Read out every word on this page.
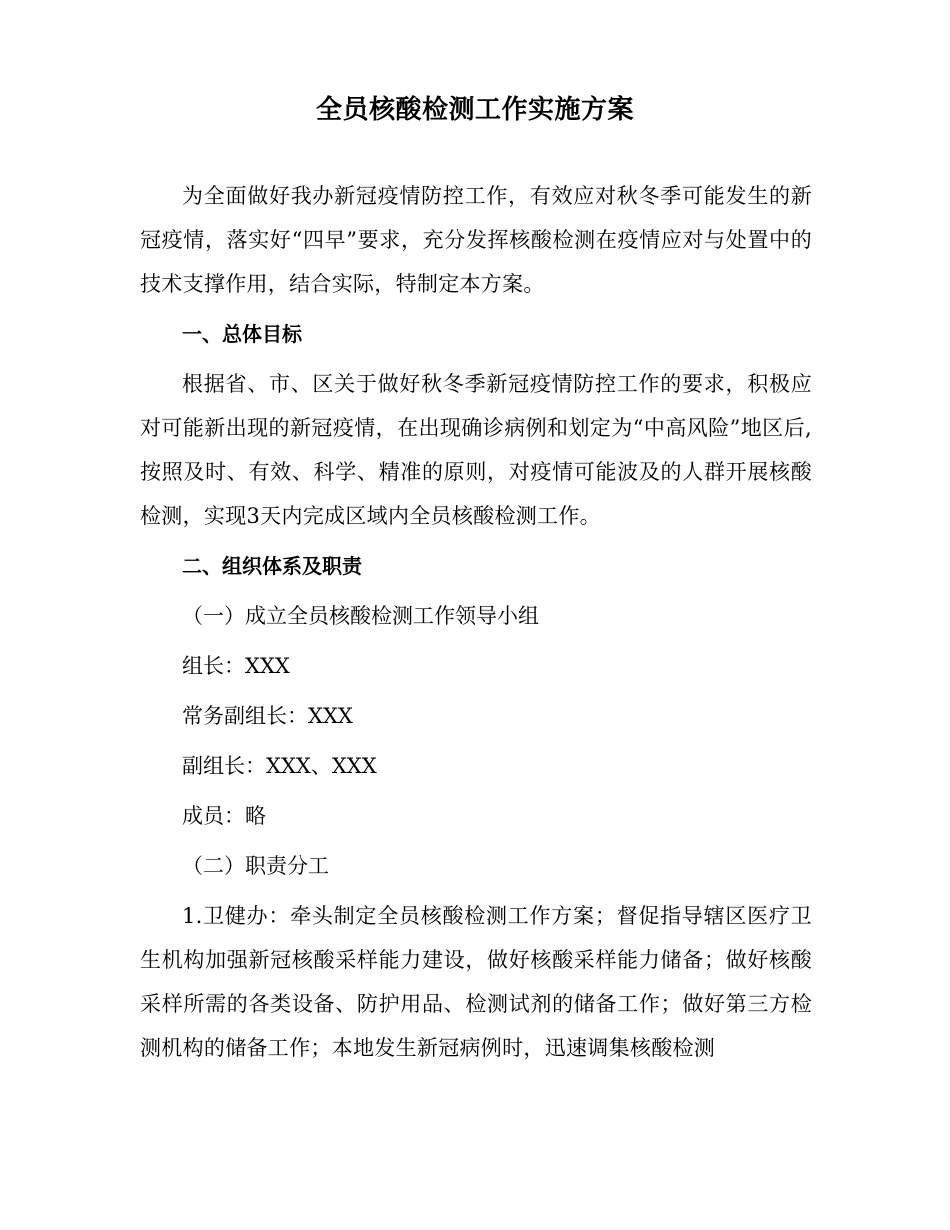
全员核酸检测工作实施方案

为全面做好我办新冠疫情防控工作，有效应对秋冬季可能发生的新冠疫情，落实好“四早”要求，充分发挥核酸检测在疫情应对与处置中的技术支撑作用，结合实际，特制定本方案。

一、总体目标

根据省、市、区关于做好秋冬季新冠疫情防控工作的要求，积极应对可能新出现的新冠疫情，在出现确诊病例和划定为“中高风险”地区后,按照及时、有效、科学、精准的原则，对疫情可能波及的人群开展核酸检测，实现3天内完成区域内全员核酸检测工作。

二、组织体系及职责

（一）成立全员核酸检测工作领导小组

组长：XXX

常务副组长：XXX

副组长：XXX、XXX

成员：略

（二）职责分工

1.卫健办：牵头制定全员核酸检测工作方案；督促指导辖区医疗卫生机构加强新冠核酸采样能力建设，做好核酸采样能力储备；做好核酸采样所需的各类设备、防护用品、检测试剂的储备工作；做好第三方检测机构的储备工作；本地发生新冠病例时，迅速调集核酸检测
